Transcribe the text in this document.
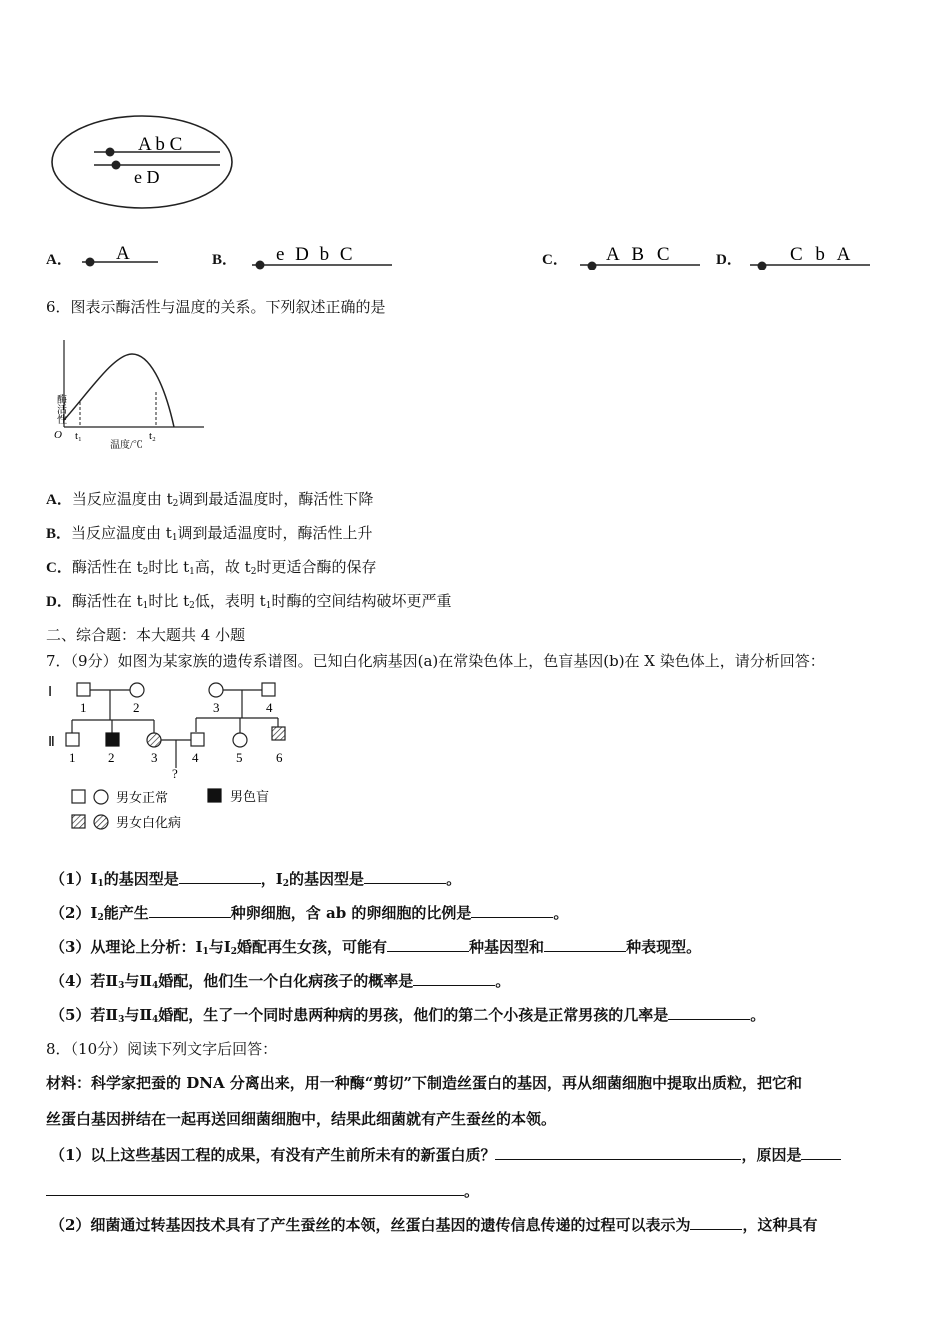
A b C
e D
A． A	B． e D b C	C． A B C	D．	C b A
6．图表示酶活性与温度的关系。下列叙述正确的是
酶活性
O t₁	t₂
温度/℃
A．当反应温度由 $t_2$调到最适温度时，酶活性下降
B．当反应温度由 $t_1$调到最适温度时，酶活性上升
C．酶活性在 $t_2$时比 $t_1$高，故 $t_2$时更适合酶的保存
D．酶活性在 $t_1$时比 $t_2$低，表明 $t_1$时酶的空间结构破坏更严重
二、综合题：本大题共 4 小题
7．（9分）如图为某家族的遗传系谱图。已知白化病基因(a)在常染色体上，色盲基因(b)在 X 染色体上，请分析回答：
Ⅰ
Ⅱ
1	2	3	4
1	2	3	4	5	6
?
男女正常	男色盲
男女白化病
$(1)Ⅰ_1$的基因型是	，$Ⅰ_2$的基因型是	。
$(2)Ⅰ_2$能产生	种卵细胞，含 ab 的卵细胞的比例是	。
（3）从理论上分析：$Ⅰ_1$与$Ⅰ_2$婚配再生女孩，可能有	种基因型和	种表现型。
（4）若$Ⅱ_3$与$Ⅱ_4$婚配，他们生一个白化病孩子的概率是	。
（5）若$Ⅱ_3$与$Ⅱ_4$婚配，生了一个同时患两种病的男孩，他们的第二个小孩是正常男孩的几率是	。
8．（10分）阅读下列文字后回答：
材料：科学家把蚕的 DNA 分离出来，用一种酶“剪切”下制造丝蛋白的基因，再从细菌细胞中提取出质粒，把它和
丝蛋白基因拼结在一起再送回细菌细胞中，结果此细菌就有产生蚕丝的本领。
（1）以上这些基因工程的成果，有没有产生前所未有的新蛋白质？	，原因是
。
（2）细菌通过转基因技术具有了产生蚕丝的本领，丝蛋白基因的遗传信息传递的过程可以表示为	，这种具有
